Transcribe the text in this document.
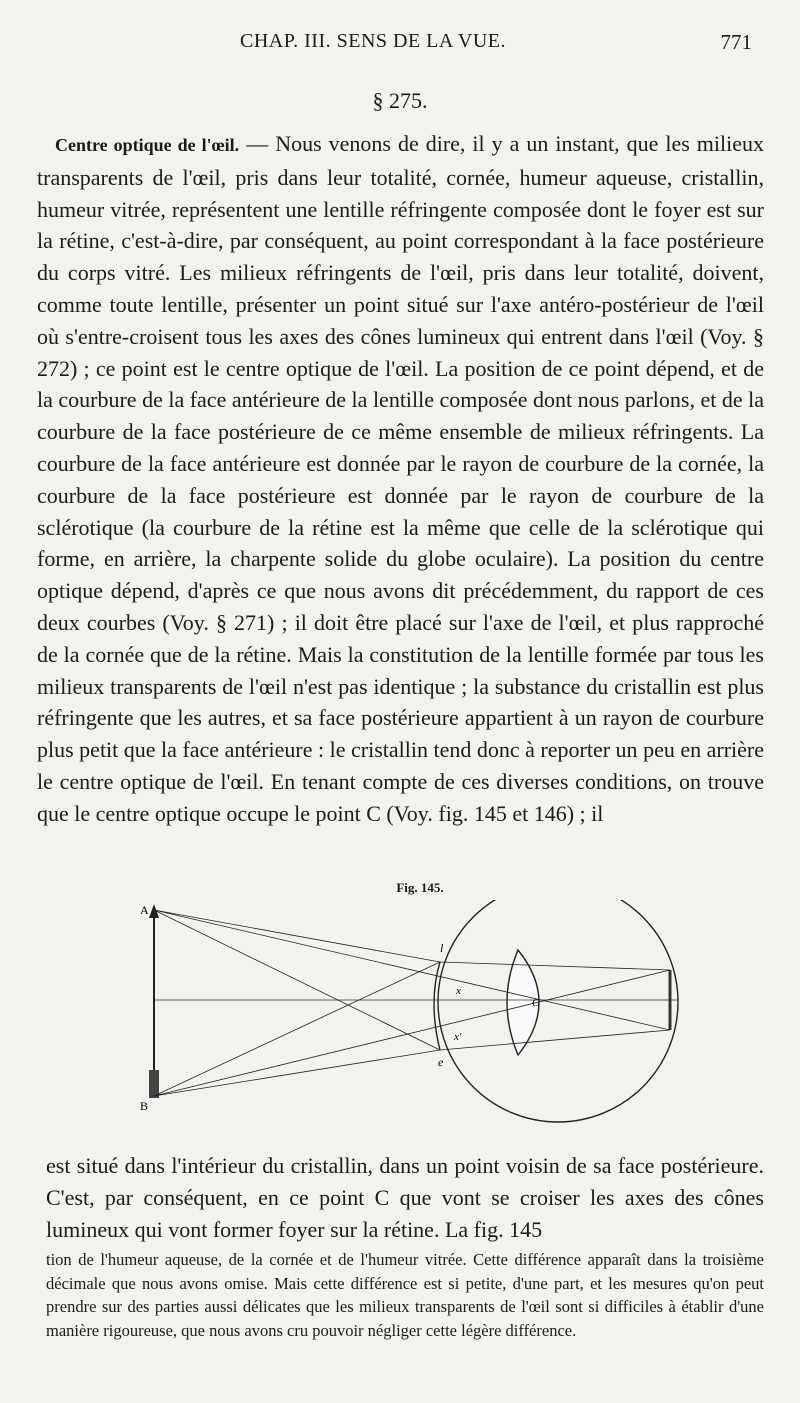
CHAP. III. SENS DE LA VUE.	771
§ 275.

Centre optique de l'œil. — Nous venons de dire, il y a un instant, que les milieux transparents de l'œil, pris dans leur totalité, cornée, humeur aqueuse, cristallin, humeur vitrée, représentent une lentille réfringente composée dont le foyer est sur la rétine, c'est-à-dire, par conséquent, au point correspondant à la face postérieure du corps vitré. Les milieux réfringents de l'œil, pris dans leur totalité, doivent, comme toute lentille, présenter un point situé sur l'axe antéro-postérieur de l'œil où s'entre-croisent tous les axes des cônes lumineux qui entrent dans l'œil (Voy. § 272) ; ce point est le centre optique de l'œil. La position de ce point dépend, et de la courbure de la face antérieure de la lentille composée dont nous parlons, et de la courbure de la face postérieure de ce même ensemble de milieux réfringents. La courbure de la face antérieure est donnée par le rayon de courbure de la cornée, la courbure de la face postérieure est donnée par le rayon de courbure de la sclérotique (la courbure de la rétine est la même que celle de la sclérotique qui forme, en arrière, la charpente solide du globe oculaire). La position du centre optique dépend, d'après ce que nous avons dit précédemment, du rapport de ces deux courbes (Voy. § 271) ; il doit être placé sur l'axe de l'œil, et plus rapproché de la cornée que de la rétine. Mais la constitution de la lentille formée par tous les milieux transparents de l'œil n'est pas identique ; la substance du cristallin est plus réfringente que les autres, et sa face postérieure appartient à un rayon de courbure plus petit que la face antérieure : le cristallin tend donc à reporter un peu en arrière le centre optique de l'œil. En tenant compte de ces diverses conditions, on trouve que le centre optique occupe le point C (Voy. fig. 145 et 146) ; il

Fig. 145.
A
B
C
l
e
x
x'
est situé dans l'intérieur du cristallin, dans un point voisin de sa face postérieure. C'est, par conséquent, en ce point C que vont se croiser les axes des cônes lumineux qui vont former foyer sur la rétine. La fig. 145
tion de l'humeur aqueuse, de la cornée et de l'humeur vitrée. Cette différence apparaît dans la troisième décimale que nous avons omise. Mais cette différence est si petite, d'une part, et les mesures qu'on peut prendre sur des parties aussi délicates que les milieux transparents de l'œil sont si difficiles à établir d'une manière rigoureuse, que nous avons cru pouvoir négliger cette légère différence.
